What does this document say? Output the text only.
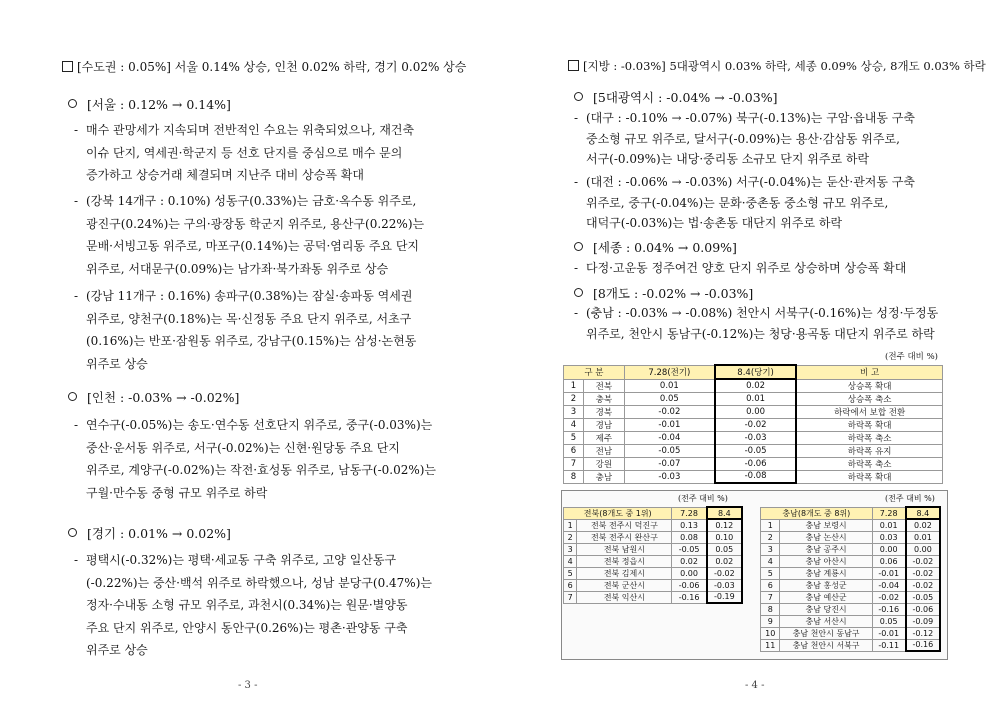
[수도권 : 0.05%] 서울 0.14% 상승, 인천 0.02% 하락, 경기 0.02% 상승
[서울 : 0.12% → 0.14%]
- 매수 관망세가 지속되며 전반적인 수요는 위축되었으나, 재건축
이슈 단지, 역세권·학군지 등 선호 단지를 중심으로 매수 문의
증가하고 상승거래 체결되며 지난주 대비 상승폭 확대
- (강북 14개구 : 0.10%) 성동구(0.33%)는 금호·옥수동 위주로,
광진구(0.24%)는 구의·광장동 학군지 위주로, 용산구(0.22%)는
문배·서빙고동 위주로, 마포구(0.14%)는 공덕·염리동 주요 단지
위주로, 서대문구(0.09%)는 남가좌·북가좌동 위주로 상승
- (강남 11개구 : 0.16%) 송파구(0.38%)는 잠실·송파동 역세권
위주로, 양천구(0.18%)는 목·신정동 주요 단지 위주로, 서초구
(0.16%)는 반포·잠원동 위주로, 강남구(0.15%)는 삼성·논현동
위주로 상승
[인천 : -0.03% → -0.02%]
- 연수구(-0.05%)는 송도·연수동 선호단지 위주로, 중구(-0.03%)는
중산·운서동 위주로, 서구(-0.02%)는 신현·원당동 주요 단지
위주로, 계양구(-0.02%)는 작전·효성동 위주로, 남동구(-0.02%)는
구월·만수동 중형 규모 위주로 하락
[경기 : 0.01% → 0.02%]
- 평택시(-0.32%)는 평택·세교동 구축 위주로, 고양 일산동구
(-0.22%)는 중산·백석 위주로 하락했으나, 성남 분당구(0.47%)는
정자·수내동 소형 규모 위주로, 과천시(0.34%)는 원문·별양동
주요 단지 위주로, 안양시 동안구(0.26%)는 평촌·관양동 구축
위주로 상승
- 3 -
[지방 : -0.03%] 5대광역시 0.03% 하락, 세종 0.09% 상승, 8개도 0.03% 하락
[5대광역시 : -0.04% → -0.03%]
- (대구 : -0.10% → -0.07%) 북구(-0.13%)는 구암·읍내동 구축
중소형 규모 위주로, 달서구(-0.09%)는 용산·감삼동 위주로,
서구(-0.09%)는 내당·중리동 소규모 단지 위주로 하락
- (대전 : -0.06% → -0.03%) 서구(-0.04%)는 둔산·관저동 구축
위주로, 중구(-0.04%)는 문화·중촌동 중소형 규모 위주로,
대덕구(-0.03%)는 법·송촌동 대단지 위주로 하락
[세종 : 0.04% → 0.09%]
- 다정·고운동 정주여건 양호 단지 위주로 상승하며 상승폭 확대
[8개도 : -0.02% → -0.03%]
- (충남 : -0.03% → -0.08%) 천안시 서북구(-0.16%)는 성정·두정동
위주로, 천안시 동남구(-0.12%)는 청당·용곡동 대단지 위주로 하락
(전주 대비 %)
- 4 -
구 분		7.28(전기)	8.4(당기)	비 고
1	전북	0.01	0.02	상승폭 확대
2	충북	0.05	0.01	상승폭 축소
3	경북	-0.02	0.00	하락에서 보합 전환
4	경남	-0.01	-0.02	하락폭 확대
5	제주	-0.04	-0.03	하락폭 축소
6	전남	-0.05	-0.05	하락폭 유지
7	강원	-0.07	-0.06	하락폭 축소
8	충남	-0.03	-0.08	하락폭 확대
(전주 대비 %)	(전주 대비 %)
전북(8개도 중 1위)		7.28	8.4
1	전북 전주시 덕진구	0.13	0.12
2	전북 전주시 완산구	0.08	0.10
3	전북 남원시	-0.05	0.05
4	전북 정읍시	0.02	0.02
5	전북 김제시	0.00	-0.02
6	전북 군산시	-0.06	-0.03
7	전북 익산시	-0.16	-0.19
충남(8개도 중 8위)		7.28	8.4
1	충남 보령시	0.01	0.02
2	충남 논산시	0.03	0.01
3	충남 공주시	0.00	0.00
4	충남 아산시	0.06	-0.02
5	충남 계룡시	-0.01	-0.02
6	충남 홍성군	-0.04	-0.02
7	충남 예산군	-0.02	-0.05
8	충남 당진시	-0.16	-0.06
9	충남 서산시	0.05	-0.09
10	충남 천안시 동남구	-0.01	-0.12
11	충남 천안시 서북구	-0.11	-0.16
